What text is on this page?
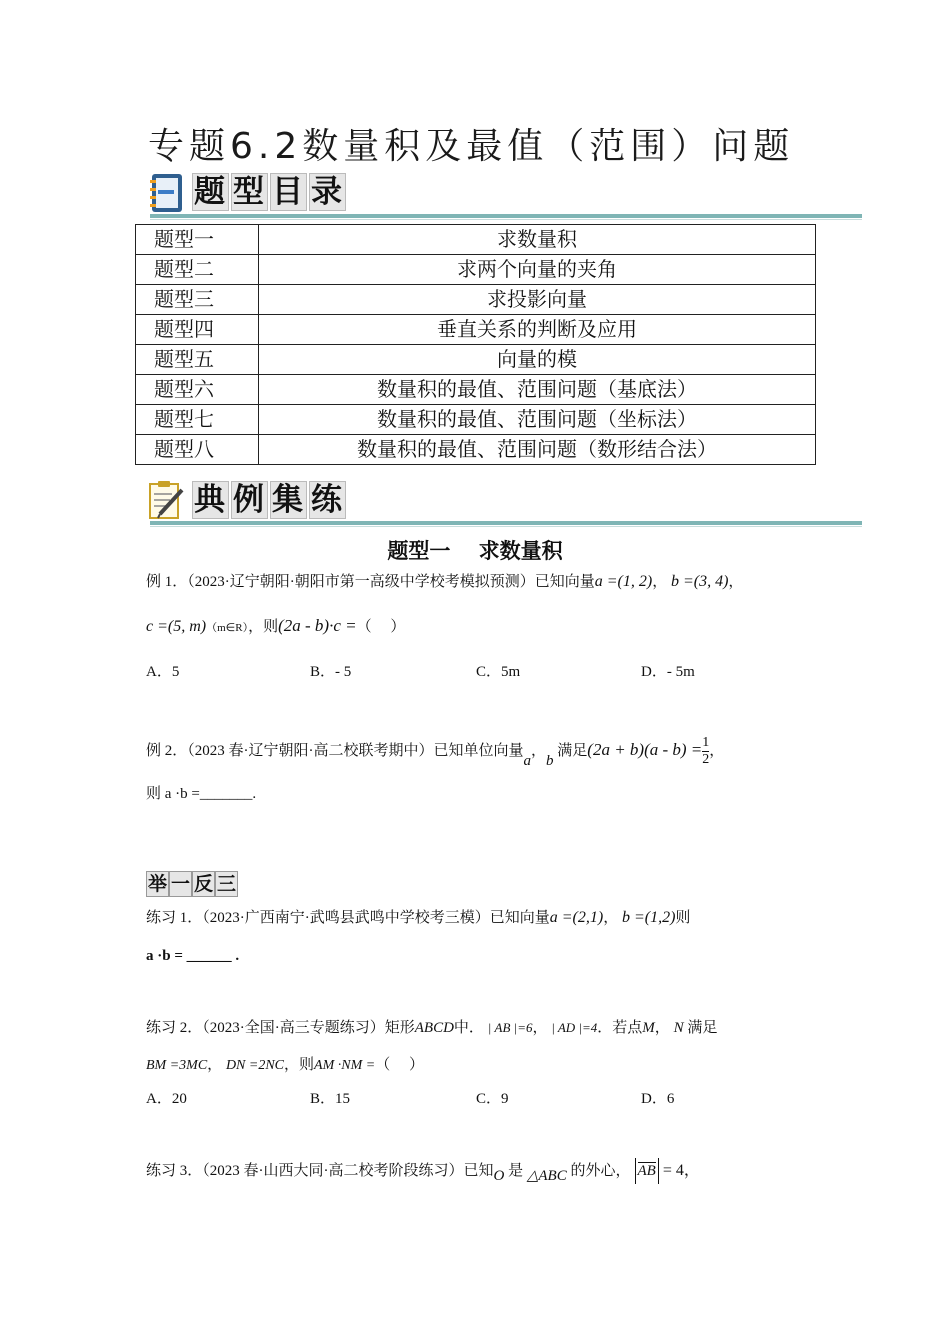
专题6.2数量积及最值（范围）问题
题 型 目 录
题型一	求数量积
题型二	求两个向量的夹角
题型三	求投影向量
题型四	垂直关系的判断及应用
题型五	向量的模
题型六	数量积的最值、范围问题（基底法）
题型七	数量积的最值、范围问题（坐标法）
题型八	数量积的最值、范围问题（数形结合法）
典 例 集 练
题型一　 求数量积
例 1．（2023·辽宁朝阳·朝阳市第一高级中学校考模拟预测）已知向量a =(1, 2)， b =(3, 4)，
c =(5, m)（m∈R），则(2a - b)·c =（　 ）
A．5	B．- 5	C．5m	D．- 5m
例 2．（2023 春·辽宁朝阳·高二校联考期中）已知单位向量a，b 满足$(2a + b)(a - b) = \frac{1}{2}$ ，
则 a ·b =_______.
举 一 反 三
练习 1．（2023·广西南宁·武鸣县武鸣中学校考三模）已知向量a =(2,1)， b =(1,2)则
a ·b = ______ .
练习 2．（2023·全国·高三专题练习）矩形ABCD中． | AB |=6， | AD |=4．若点M， N 满足
BM =3MC， DN =2NC，则AM ·NM =（　 ）
A．20	B．15	C．9	D．6
练习 3．（2023 春·山西大同·高二校考阶段练习）已知O 是 △ABC 的外心， AB = 4，
